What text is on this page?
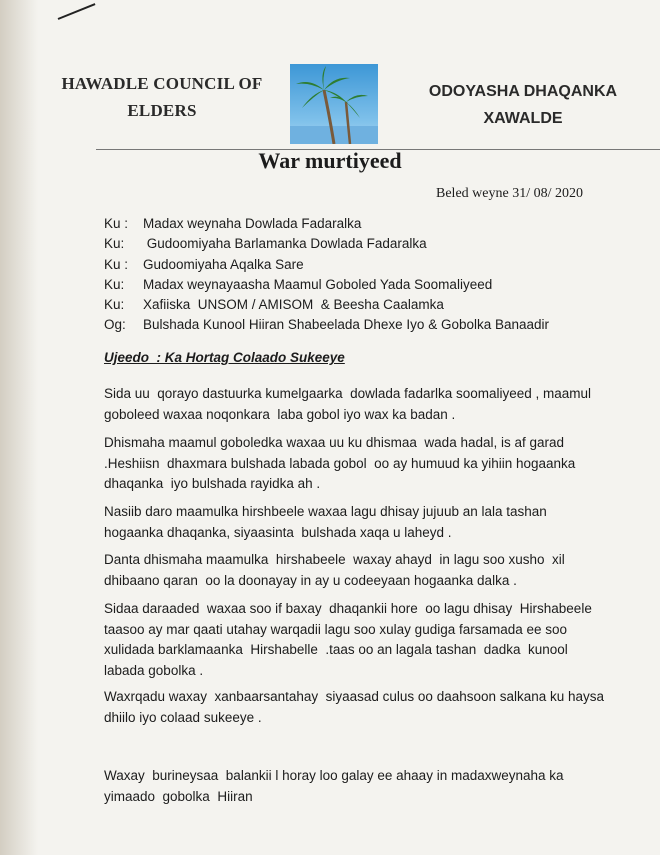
HAWADLE COUNCIL OF
ELDERS
ODOYASHA DHAQANKA
XAWALDE
War murtiyeed
Beled weyne 31/ 08/ 2020
Ku :	Madax weynaha Dowlada Fadaralka
Ku:	Gudoomiyaha Barlamanka Dowlada Fadaralka
Ku :	Gudoomiyaha Aqalka Sare
Ku:	Madax weynayaasha Maamul Goboled Yada Soomaliyeed
Ku:	Xafiiska  UNSOM / AMISOM  & Beesha Caalamka
Og:	Bulshada Kunool Hiiran Shabeelada Dhexe Iyo & Gobolka Banaadir
Ujeedo  : Ka Hortag Colaado Sukeeye
Sida uu  qorayo dastuurka kumelgaarka  dowlada fadarlka soomaliyeed , maamul
goboleed waxaa noqonkara  laba gobol iyo wax ka badan .
Dhismaha maamul goboledka waxaa uu ku dhismaa  wada hadal, is af garad
.Heshiisn  dhaxmara bulshada labada gobol  oo ay humuud ka yihiin hogaanka
dhaqanka  iyo bulshada rayidka ah .
Nasiib daro maamulka hirshbeele waxaa lagu dhisay jujuub an lala tashan
hogaanka dhaqanka, siyaasinta  bulshada xaqa u laheyd .
Danta dhismaha maamulka  hirshabeele  waxay ahayd  in lagu soo xusho  xil
dhibaano qaran  oo la doonayay in ay u codeeyaan hogaanka dalka .
Sidaa daraaded  waxaa soo if baxay  dhaqankii hore  oo lagu dhisay  Hirshabeele
taasoo ay mar qaati utahay warqadii lagu soo xulay gudiga farsamada ee soo
xulidada barklamaanka  Hirshabelle  .taas oo an lagala tashan  dadka  kunool
labada gobolka .
Waxrqadu waxay  xanbaarsantahay  siyaasad culus oo daahsoon salkana ku haysa
dhiilo iyo colaad sukeeye .
Waxay  burineysaa  balankii l horay loo galay ee ahaay in madaxweynaha ka
yimaado  gobolka  Hiiran
